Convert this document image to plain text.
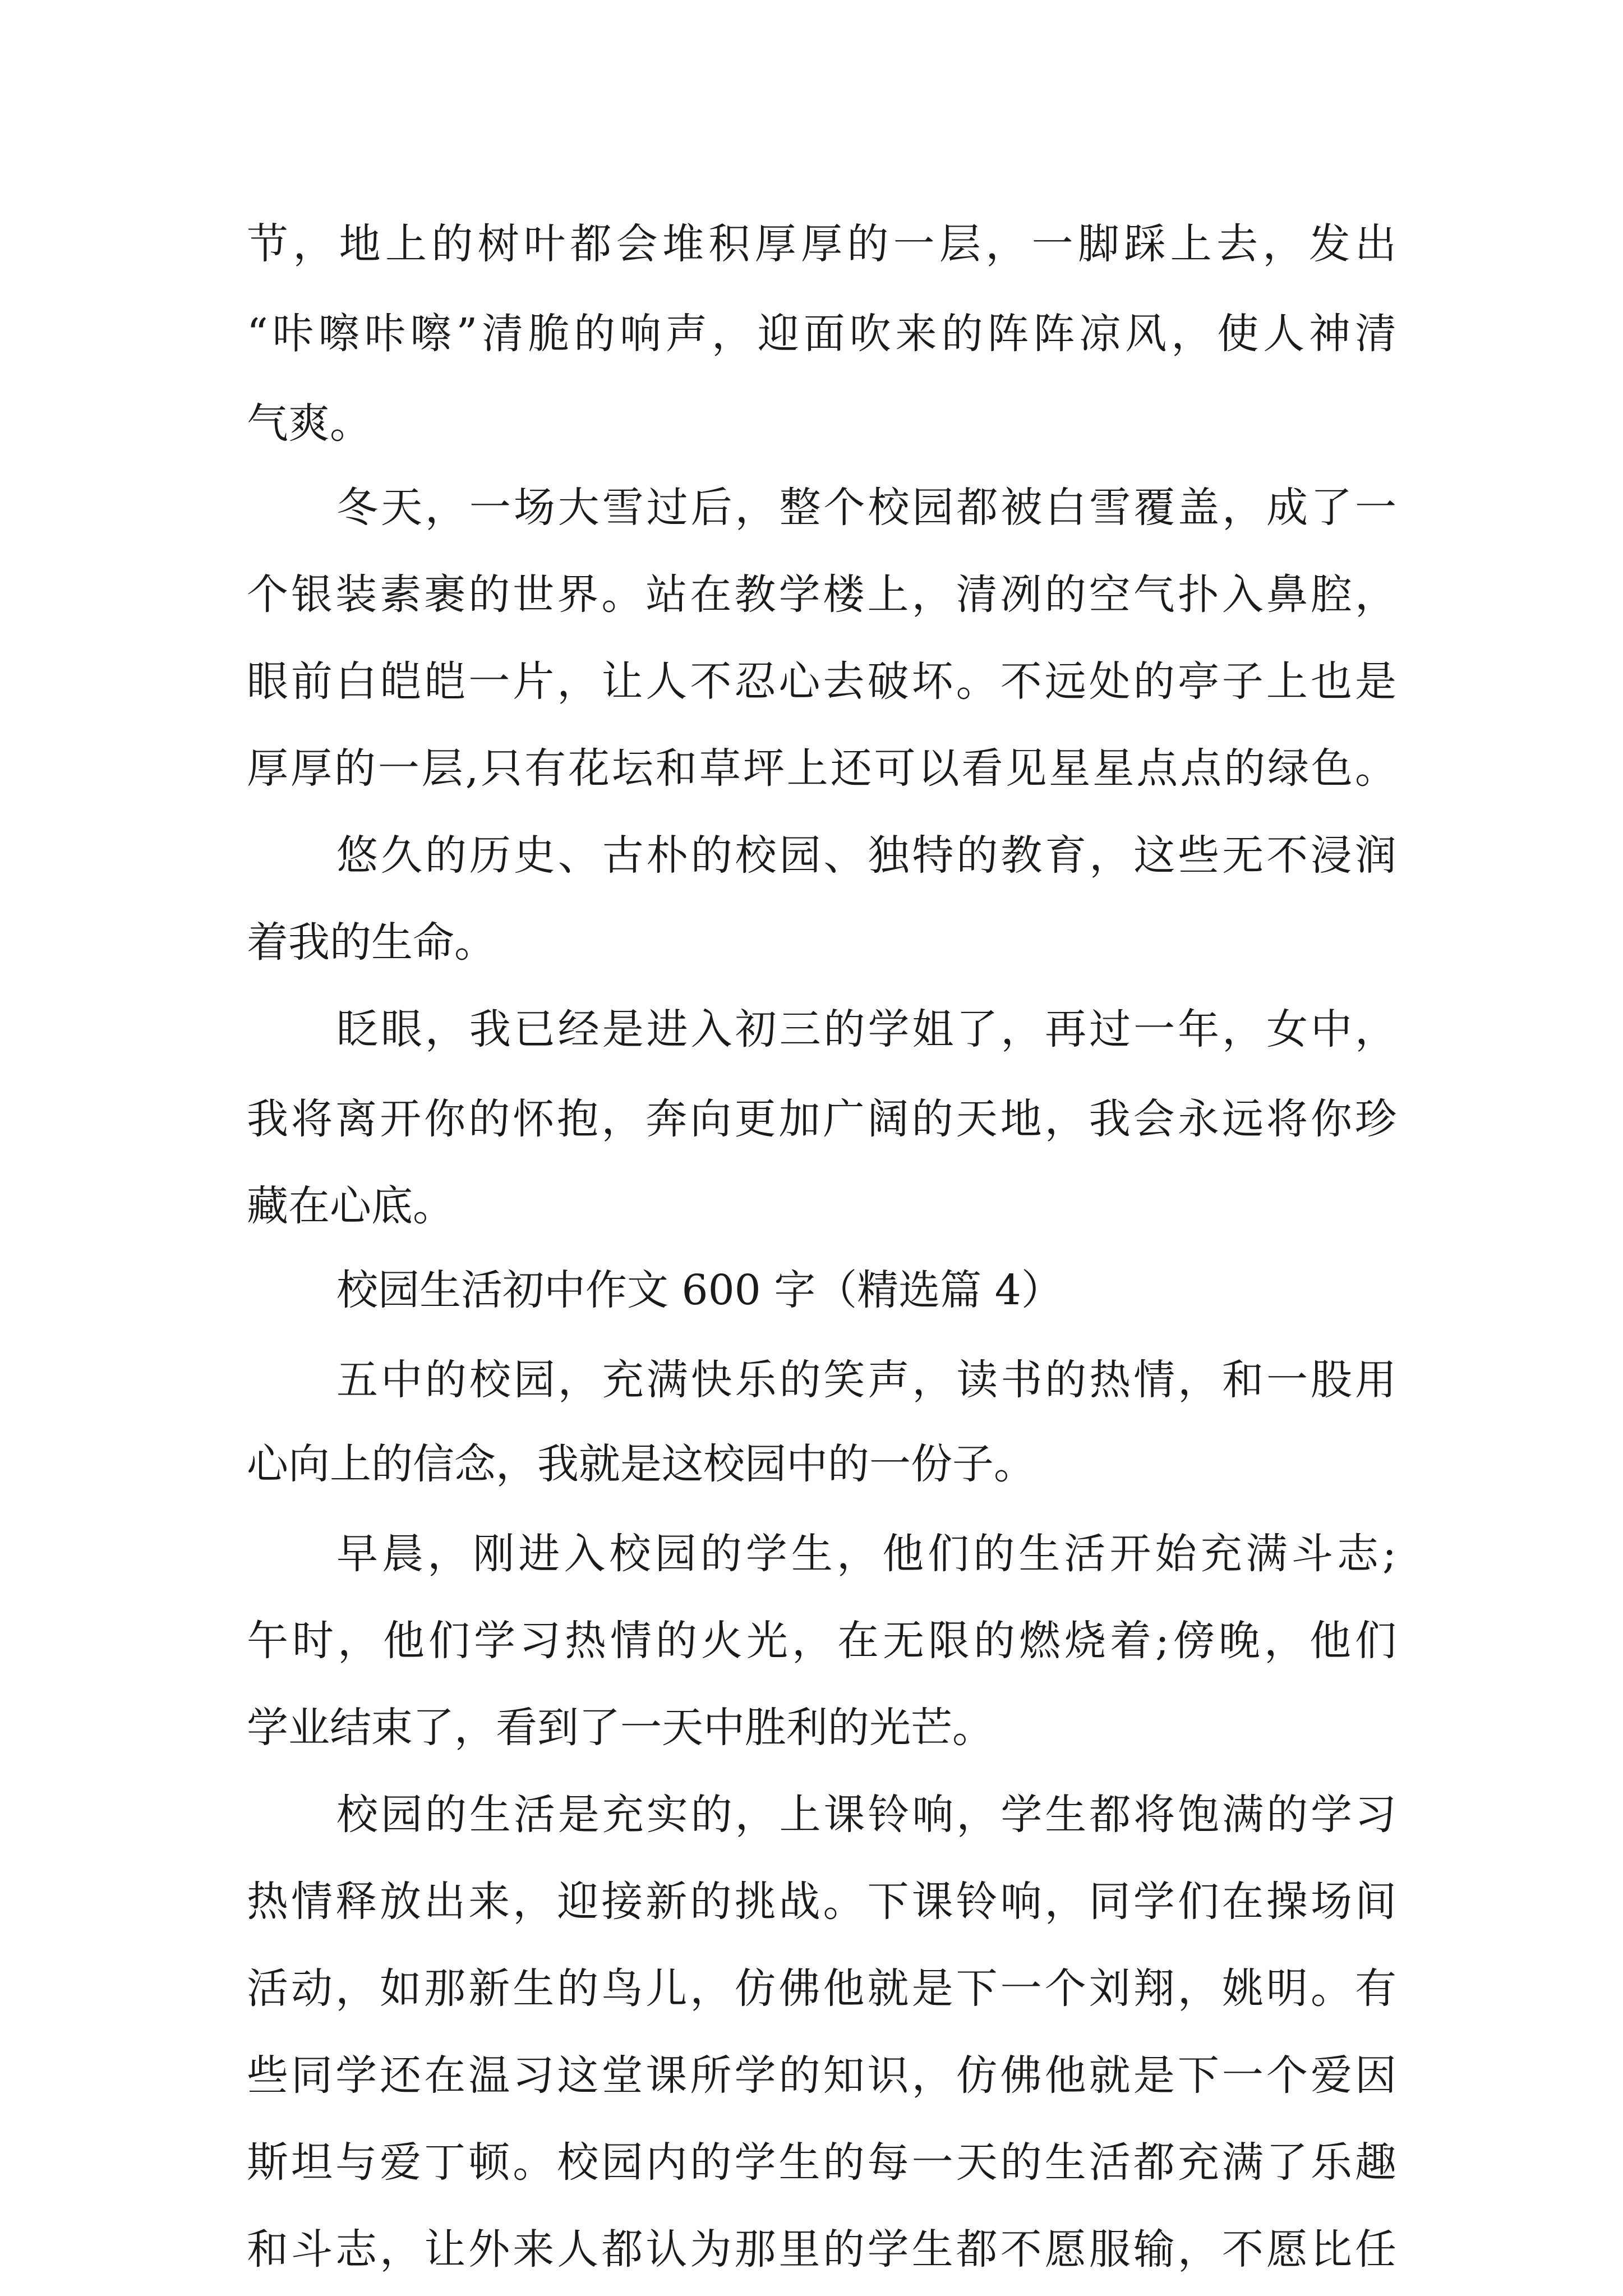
节，地上的树叶都会堆积厚厚的一层，一脚踩上去，发出
“咔嚓咔嚓”清脆的响声，迎面吹来的阵阵凉风，使人神清
气爽。
冬天，一场大雪过后，整个校园都被白雪覆盖，成了一
个银装素裹的世界。站在教学楼上，清冽的空气扑入鼻腔，
眼前白皑皑一片，让人不忍心去破坏。不远处的亭子上也是
厚厚的一层,只有花坛和草坪上还可以看见星星点点的绿色。
悠久的历史、古朴的校园、独特的教育，这些无不浸润
着我的生命。
眨眼，我已经是进入初三的学姐了，再过一年，女中，
我将离开你的怀抱，奔向更加广阔的天地，我会永远将你珍
藏在心底。
校园生活初中作文 600 字（精选篇 4）
五中的校园，充满快乐的笑声，读书的热情，和一股用
心向上的信念，我就是这校园中的一份子。
早晨，刚进入校园的学生，他们的生活开始充满斗志;
午时，他们学习热情的火光，在无限的燃烧着;傍晚，他们
学业结束了，看到了一天中胜利的光芒。
校园的生活是充实的，上课铃响，学生都将饱满的学习
热情释放出来，迎接新的挑战。下课铃响，同学们在操场间
活动，如那新生的鸟儿，仿佛他就是下一个刘翔，姚明。有
些同学还在温习这堂课所学的知识，仿佛他就是下一个爱因
斯坦与爱丁顿。校园内的学生的每一天的生活都充满了乐趣
和斗志，让外来人都认为那里的学生都不愿服输，不愿比任
